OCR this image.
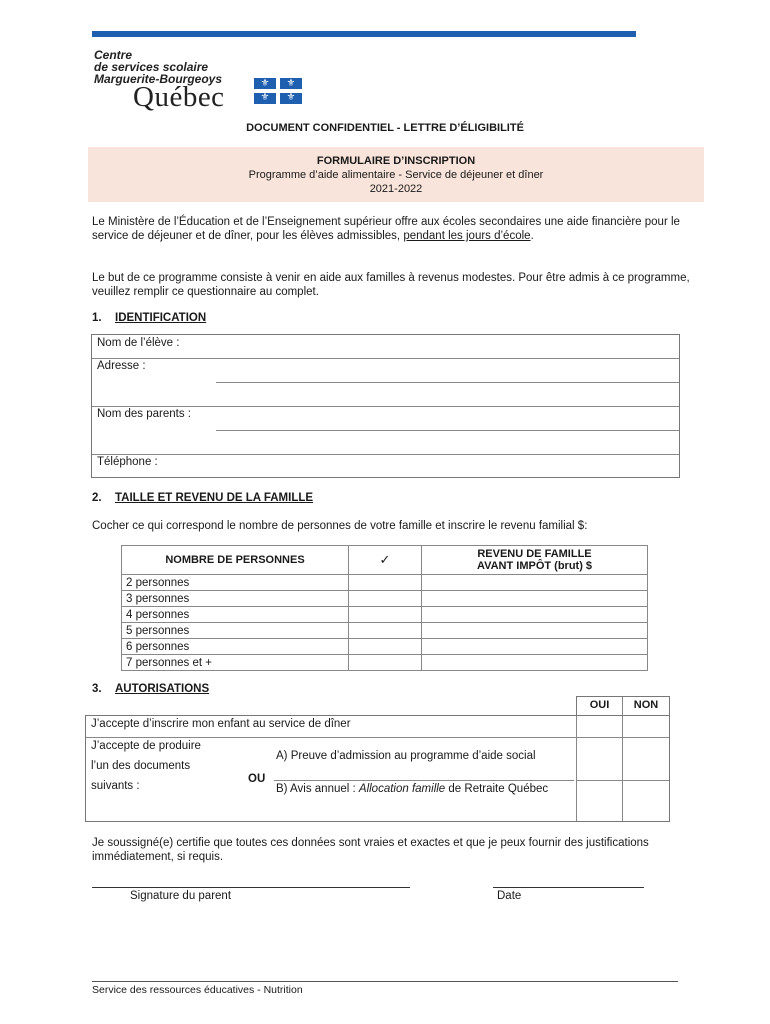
Centre
de services scolaire
Marguerite-Bourgeoys
Québec	⚜	⚜
⚜	⚜
DOCUMENT CONFIDENTIEL - LETTRE D’ÉLIGIBILITÉ
FORMULAIRE D’INSCRIPTION
Programme d’aide alimentaire - Service de déjeuner et dîner
2021-2022
Le Ministère de l’Éducation et de l’Enseignement supérieur offre aux écoles secondaires une aide financière pour le service de déjeuner et de dîner, pour les élèves admissibles, pendant les jours d’école.
Le but de ce programme consiste à venir en aide aux familles à revenus modestes. Pour être admis à ce programme, veuillez remplir ce questionnaire au complet.
1. IDENTIFICATION
Nom de l’élève :
Adresse :
Nom des parents :
Téléphone :
2. TAILLE ET REVENU DE LA FAMILLE
Cocher ce qui correspond le nombre de personnes de votre famille et inscrire le revenu familial $:
NOMBRE DE PERSONNES	✓	REVENU DE FAMILLE
AVANT IMPÔT (brut) $

2 personnes		
3 personnes		
4 personnes		
5 personnes		
6 personnes		
7 personnes et +		
3. AUTORISATIONS
OUI	NON
J’accepte d’inscrire mon enfant au service de dîner
J’accepte de produire
l’un des documents
suivants :
OU
A) Preuve d’admission au programme d’aide social
B) Avis annuel : Allocation famille de Retraite Québec
Je soussigné(e) certifie que toutes ces données sont vraies et exactes et que je peux fournir des justifications immédiatement, si requis.
Signature du parent	Date
Service des ressources éducatives - Nutrition
